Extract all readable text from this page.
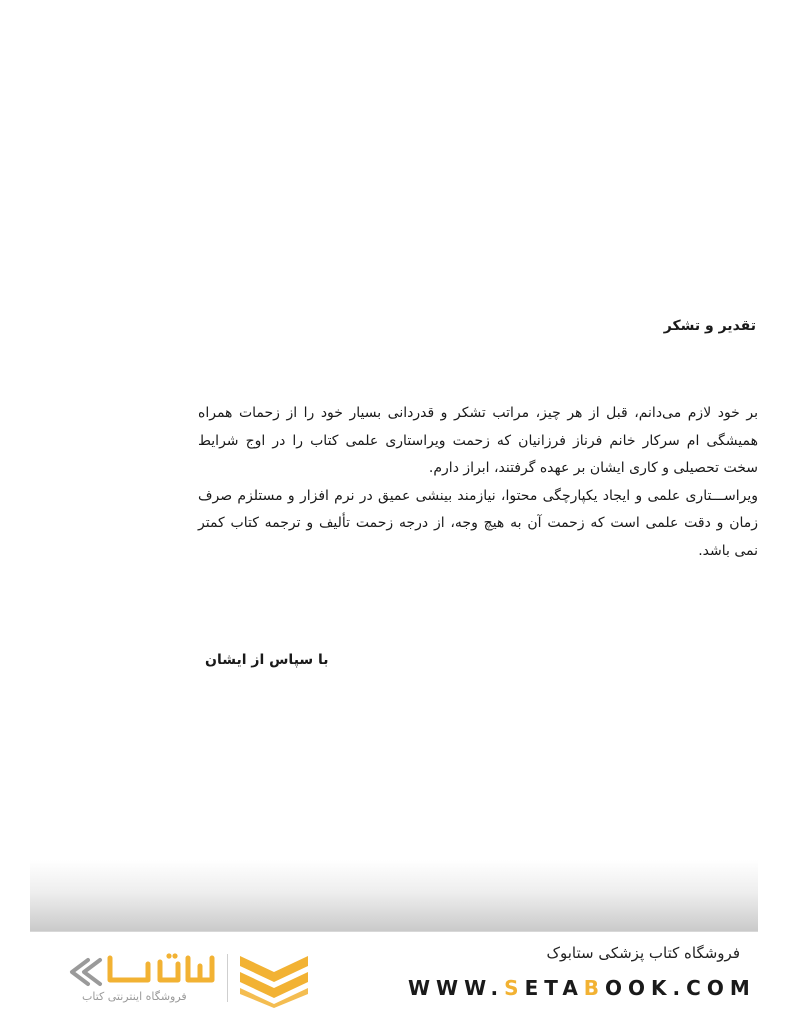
تقدیر و تشکر

بر خود لازم می‌دانم، قبل از هر چیز، مراتب تشکر و قدردانی بسیار خود را از زحمات همراه همیشگی ام سرکار خانم فرناز فرزانیان که زحمت ویراستاری علمی کتاب را در اوج شرایط سخت تحصیلی و کاری ایشان بر عهده گرفتند، ابراز دارم.

ویراســـتاری علمی و ایجاد یکپارچگی محتوا، نیازمند بینشی عمیق در نرم افزار و مستلزم صرف زمان و دقت علمی است که زحمت آن به هیچ وجه، از درجه زحمت تألیف و ترجمه کتاب کمتر نمی باشد.

با سپاس از ایشان
فروشگاه کتاب پزشکی ستابوک
WWW.SETABOOK.COM
فروشگاه اینترنتی کتاب
